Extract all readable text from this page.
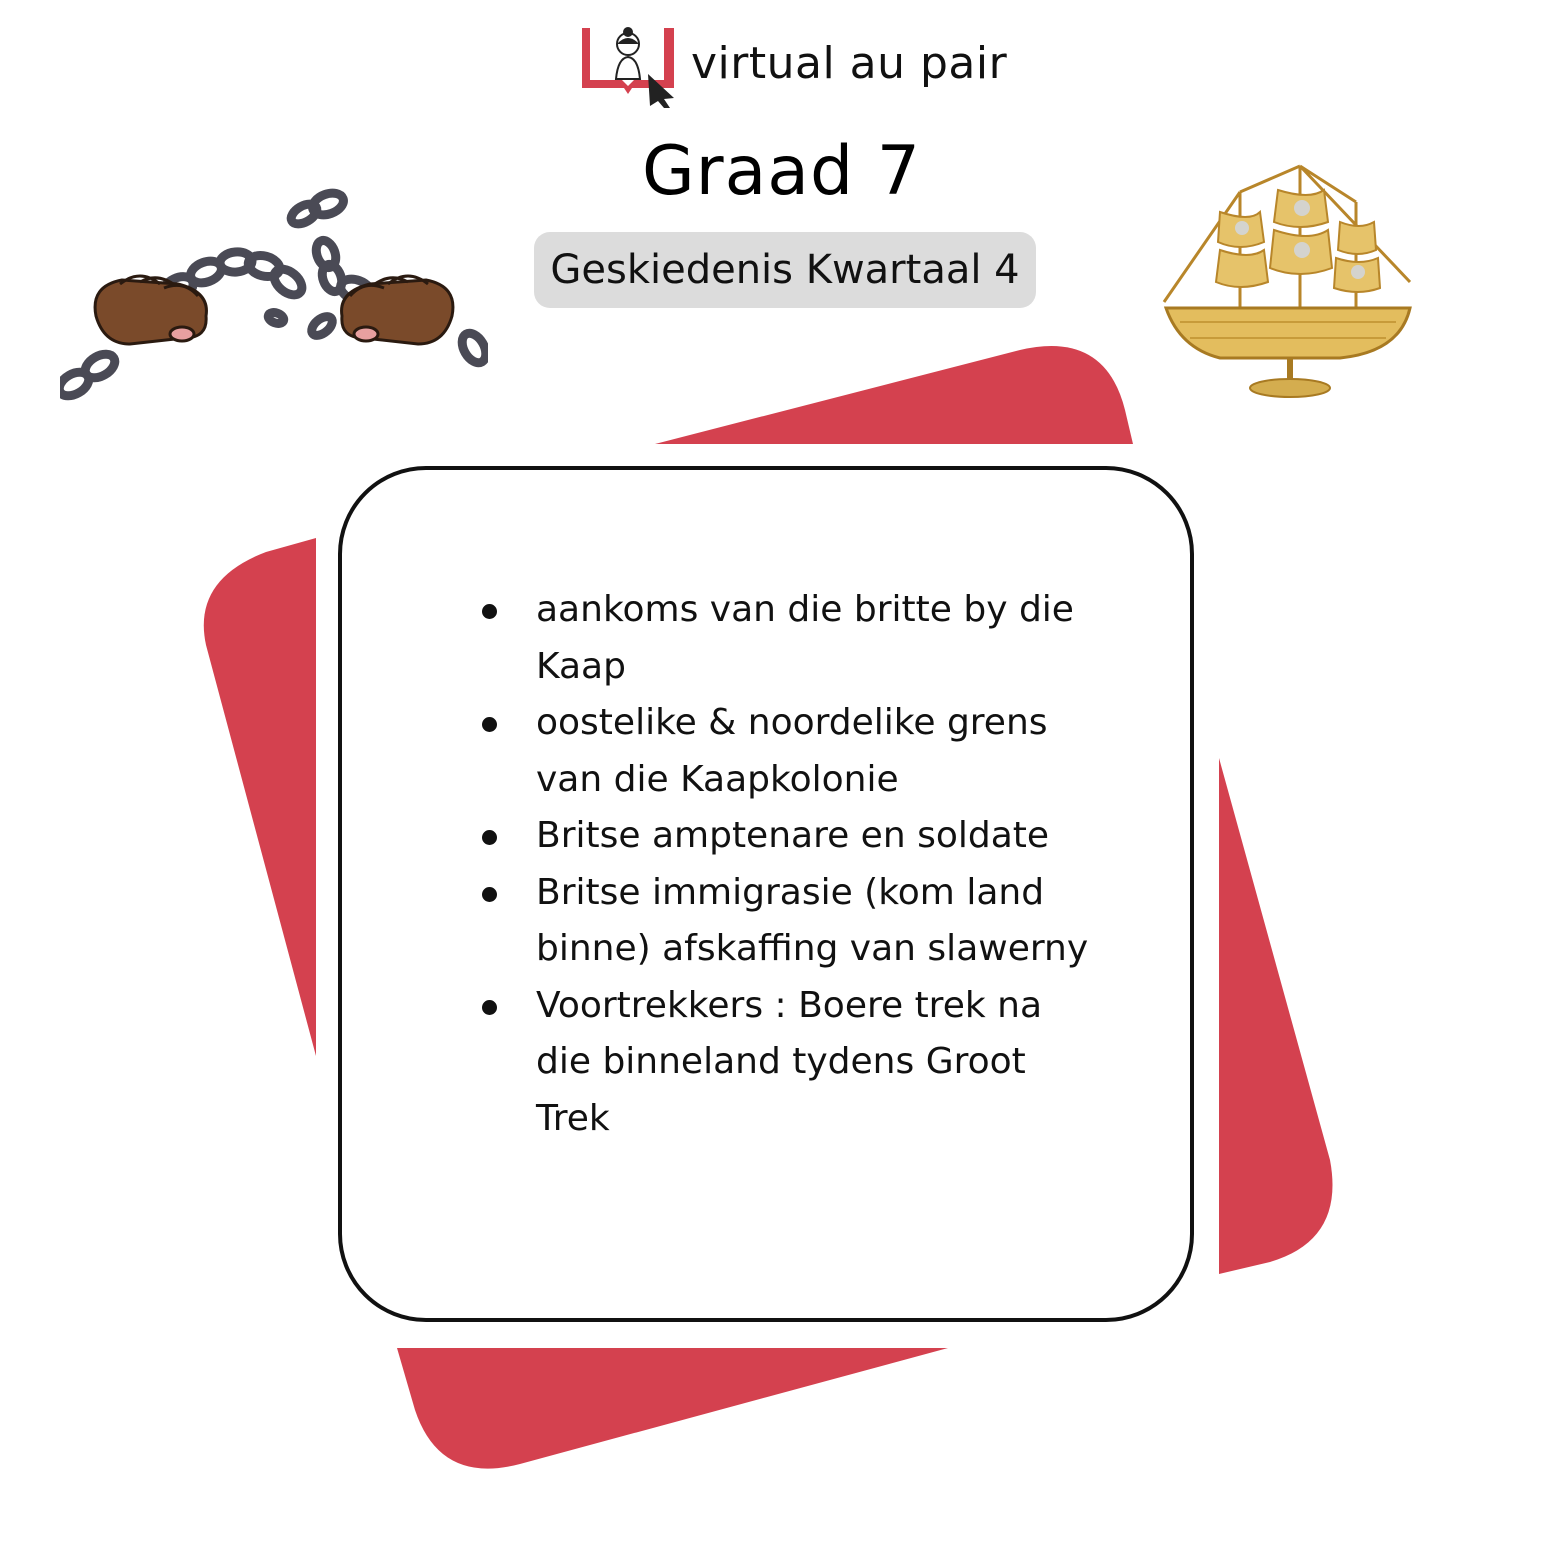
virtual au pair
Graad 7
Geskiedenis Kwartaal 4
aankoms van die britte by die Kaap
oostelike & noordelike grens van die Kaapkolonie
Britse amptenare en soldate
Britse immigrasie (kom land binne) afskaffing van slawerny
Voortrekkers : Boere trek na die binneland tydens Groot Trek
